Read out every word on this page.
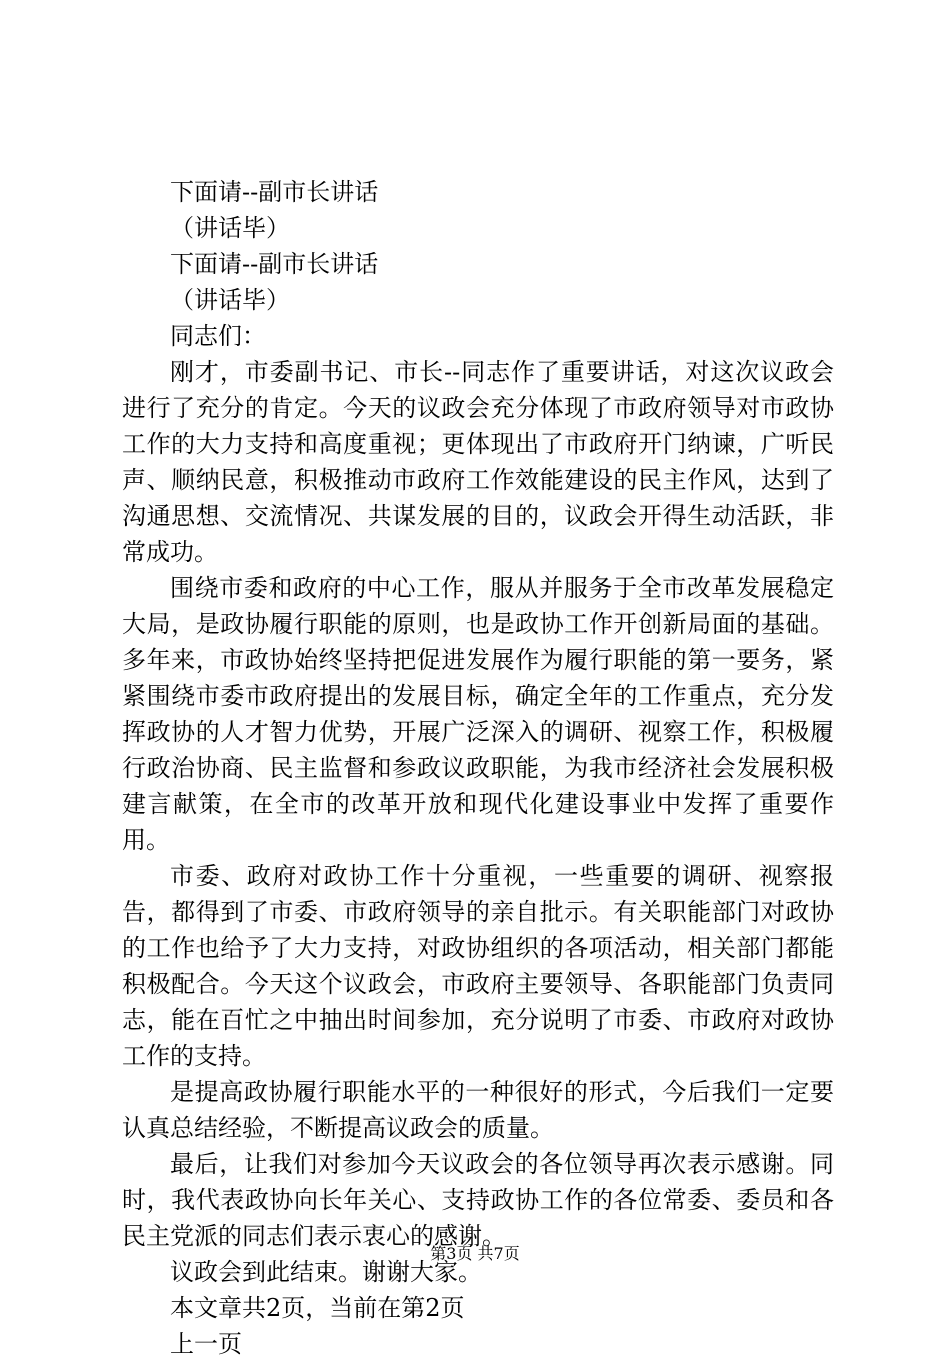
下面请--副市长讲话

（讲话毕）

下面请--副市长讲话

（讲话毕）

同志们：

刚才，市委副书记、市长--同志作了重要讲话，对这次议政会进行了充分的肯定。今天的议政会充分体现了市政府领导对市政协工作的大力支持和高度重视；更体现出了市政府开门纳谏，广听民声、顺纳民意，积极推动市政府工作效能建设的民主作风，达到了沟通思想、交流情况、共谋发展的目的，议政会开得生动活跃，非常成功。

围绕市委和政府的中心工作，服从并服务于全市改革发展稳定大局，是政协履行职能的原则，也是政协工作开创新局面的基础。多年来，市政协始终坚持把促进发展作为履行职能的第一要务，紧紧围绕市委市政府提出的发展目标，确定全年的工作重点，充分发挥政协的人才智力优势，开展广泛深入的调研、视察工作，积极履行政治协商、民主监督和参政议政职能，为我市经济社会发展积极建言献策，在全市的改革开放和现代化建设事业中发挥了重要作用。

市委、政府对政协工作十分重视，一些重要的调研、视察报告，都得到了市委、市政府领导的亲自批示。有关职能部门对政协的工作也给予了大力支持，对政协组织的各项活动，相关部门都能积极配合。今天这个议政会，市政府主要领导、各职能部门负责同志，能在百忙之中抽出时间参加，充分说明了市委、市政府对政协工作的支持。

是提高政协履行职能水平的一种很好的形式，今后我们一定要认真总结经验，不断提高议政会的质量。

最后，让我们对参加今天议政会的各位领导再次表示感谢。同时，我代表政协向长年关心、支持政协工作的各位常委、委员和各民主党派的同志们表示衷心的感谢。

议政会到此结束。谢谢大家。

本文章共2页，当前在第2页

上一页

第3页 共7页
